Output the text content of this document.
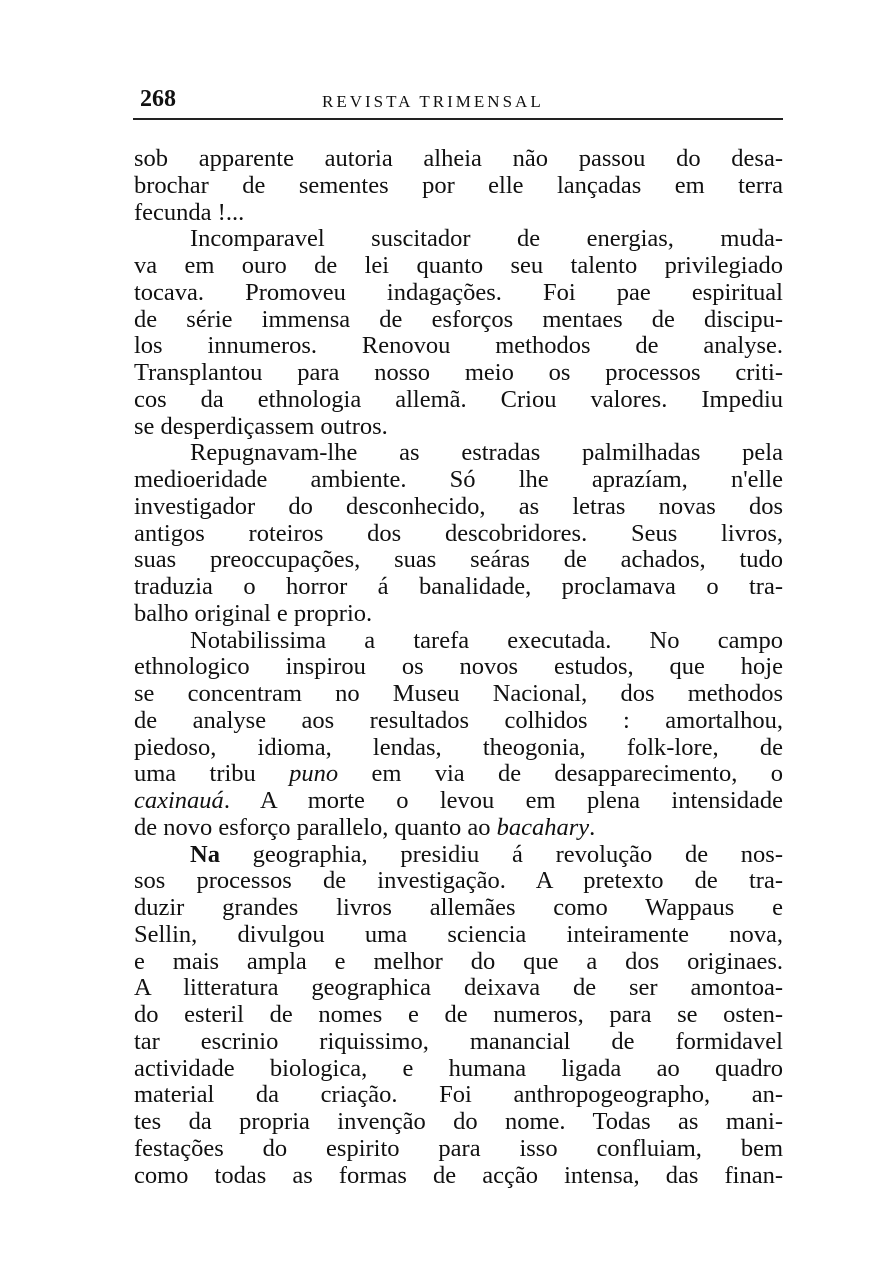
268	REVISTA TRIMENSAL
sob apparente autoria alheia não passou do desa-
brochar de sementes por elle lançadas em terra
fecunda !...
Incomparavel suscitador de energias, muda-
va em ouro de lei quanto seu talento privilegiado
tocava. Promoveu indagações. Foi pae espiritual
de série immensa de esforços mentaes de discipu-
los innumeros. Renovou methodos de analyse.
Transplantou para nosso meio os processos criti-
cos da ethnologia allemã. Criou valores. Impediu
se desperdiçassem outros.
Repugnavam-lhe as estradas palmilhadas pela
medioeridade ambiente. Só lhe aprazíam, n'elle
investigador do desconhecido, as letras novas dos
antigos roteiros dos descobridores. Seus livros,
suas preoccupações, suas seáras de achados, tudo
traduzia o horror á banalidade, proclamava o tra-
balho original e proprio.
Notabilissima a tarefa executada. No campo
ethnologico inspirou os novos estudos, que hoje
se concentram no Museu Nacional, dos methodos
de analyse aos resultados colhidos : amortalhou,
piedoso, idioma, lendas, theogonia, folk-lore, de
uma tribu puno em via de desapparecimento, o
caxinauá. A morte o levou em plena intensidade
de novo esforço parallelo, quanto ao bacahary.
Na geographia, presidiu á revolução de nos-
sos processos de investigação. A pretexto de tra-
duzir grandes livros allemães como Wappaus e
Sellin, divulgou uma sciencia inteiramente nova,
e mais ampla e melhor do que a dos originaes.
A litteratura geographica deixava de ser amontoa-
do esteril de nomes e de numeros, para se osten-
tar escrinio riquissimo, manancial de formidavel
actividade biologica, e humana ligada ao quadro
material da criação. Foi anthropogeographo, an-
tes da propria invenção do nome. Todas as mani-
festações do espirito para isso confluiam, bem
como todas as formas de acção intensa, das finan-
